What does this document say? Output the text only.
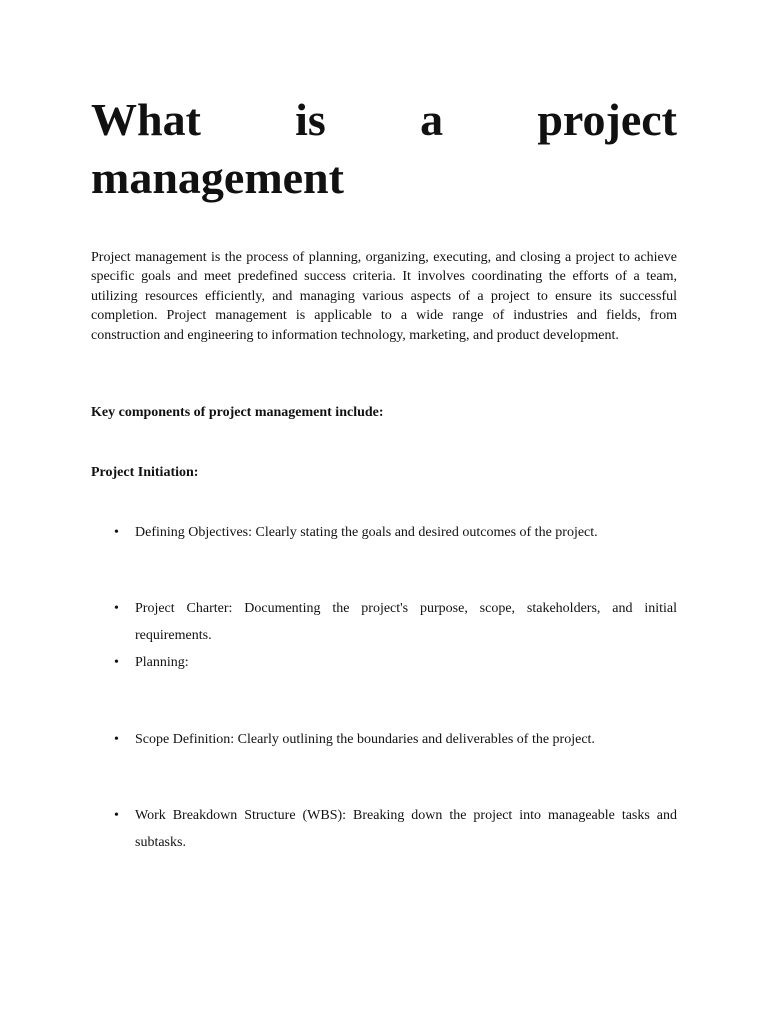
What is a project
management

Project management is the process of planning, organizing, executing, and closing a project to achieve specific goals and meet predefined success criteria. It involves coordinating the efforts of a team, utilizing resources efficiently, and managing various aspects of a project to ensure its successful completion. Project management is applicable to a wide range of industries and fields, from construction and engineering to information technology, marketing, and product development.

Key components of project management include:

Project Initiation:

•	Defining Objectives: Clearly stating the goals and desired outcomes of the project.
•	Project Charter: Documenting the project's purpose, scope, stakeholders, and initial requirements.
•	Planning:
•	Scope Definition: Clearly outlining the boundaries and deliverables of the project.
•	Work Breakdown Structure (WBS): Breaking down the project into manageable tasks and subtasks.
